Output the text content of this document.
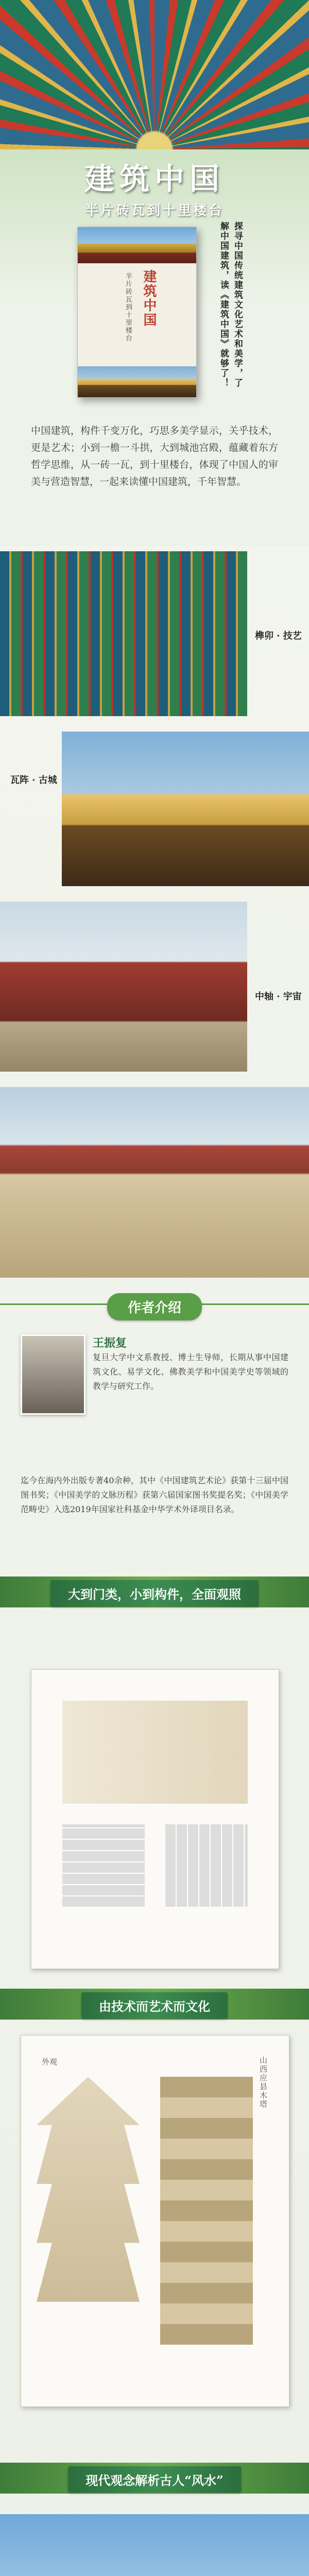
建筑中国
半片砖瓦到十里楼台
建筑中国
半片砖瓦到十里楼台	探寻中国传统建筑文化艺术和美学，了解中国建筑，读《建筑中国》就够了！
中国建筑，构件千变万化，巧思多美学显示，关乎技术，更是艺术；小到一檐一斗拱，大到城池宫殿，蕴藏着东方哲学思维，从一砖一瓦，到十里楼台，体现了中国人的审美与营造智慧，一起来读懂中国建筑，千年智慧。
榫卯 · 技艺
瓦阵 · 古城
中轴 · 宇宙
作者介绍
王振复
复旦大学中文系教授、博士生导师，长期从事中国建筑文化、易学文化、佛教美学和中国美学史等领域的教学与研究工作。
迄今在海内外出版专著40余种，其中《中国建筑艺术论》获第十三届中国图书奖；《中国美学的文脉历程》获第六届国家图书奖提名奖；《中国美学范畴史》入选2019年国家社科基金中华学术外译项目名录。
大到门类，小到构件，全面观照
由技术而艺术而文化
外观	山西应县木塔
现代观念解析古人“风水”
